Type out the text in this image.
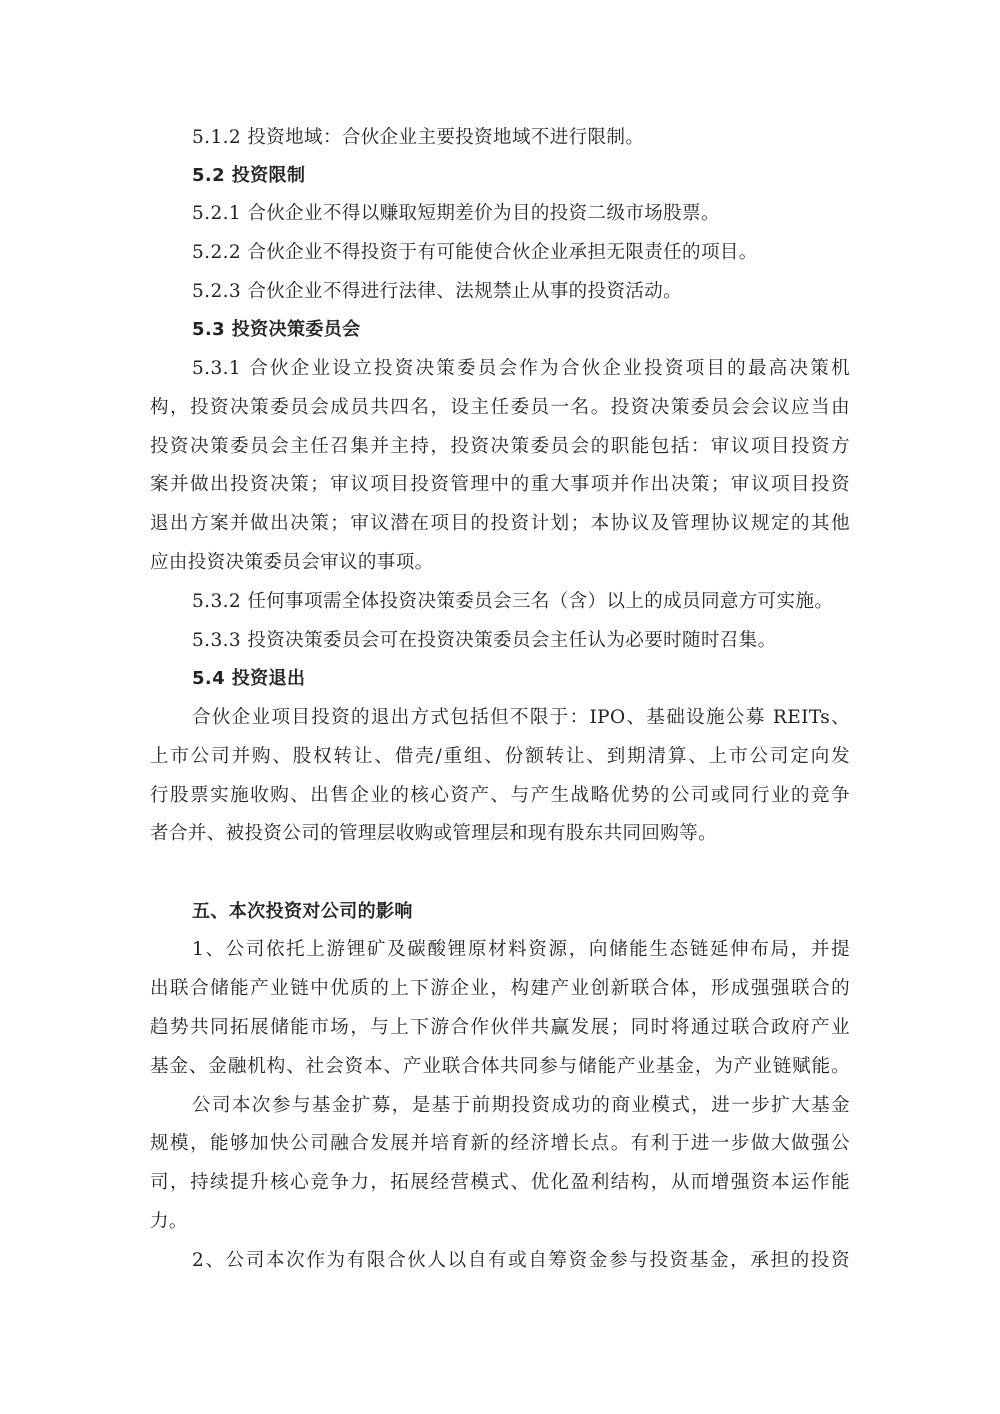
5.1.2 投资地域：合伙企业主要投资地域不进行限制。
5.2 投资限制
5.2.1 合伙企业不得以赚取短期差价为目的投资二级市场股票。
5.2.2 合伙企业不得投资于有可能使合伙企业承担无限责任的项目。
5.2.3 合伙企业不得进行法律、法规禁止从事的投资活动。
5.3 投资决策委员会
5.3.1 合伙企业设立投资决策委员会作为合伙企业投资项目的最高决策机
构，投资决策委员会成员共四名，设主任委员一名。投资决策委员会会议应当由
投资决策委员会主任召集并主持，投资决策委员会的职能包括：审议项目投资方
案并做出投资决策；审议项目投资管理中的重大事项并作出决策；审议项目投资
退出方案并做出决策；审议潜在项目的投资计划；本协议及管理协议规定的其他
应由投资决策委员会审议的事项。
5.3.2 任何事项需全体投资决策委员会三名（含）以上的成员同意方可实施。
5.3.3 投资决策委员会可在投资决策委员会主任认为必要时随时召集。
5.4 投资退出
合伙企业项目投资的退出方式包括但不限于：IPO、基础设施公募 REITs、
上市公司并购、股权转让、借壳/重组、份额转让、到期清算、上市公司定向发
行股票实施收购、出售企业的核心资产、与产生战略优势的公司或同行业的竞争
者合并、被投资公司的管理层收购或管理层和现有股东共同回购等。
五、本次投资对公司的影响
1、公司依托上游锂矿及碳酸锂原材料资源，向储能生态链延伸布局，并提
出联合储能产业链中优质的上下游企业，构建产业创新联合体，形成强强联合的
趋势共同拓展储能市场，与上下游合作伙伴共赢发展；同时将通过联合政府产业
基金、金融机构、社会资本、产业联合体共同参与储能产业基金，为产业链赋能。
公司本次参与基金扩募，是基于前期投资成功的商业模式，进一步扩大基金
规模，能够加快公司融合发展并培育新的经济增长点。有利于进一步做大做强公
司，持续提升核心竞争力，拓展经营模式、优化盈利结构，从而增强资本运作能
力。
2、公司本次作为有限合伙人以自有或自筹资金参与投资基金，承担的投资
